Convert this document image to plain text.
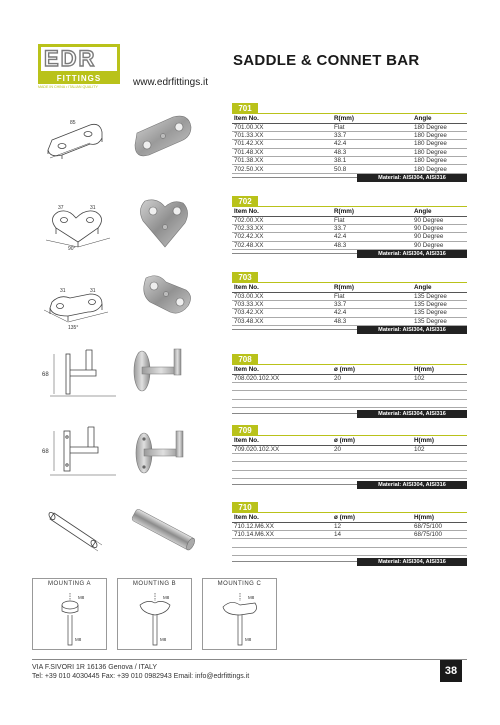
EDR
FITTINGS
MADE IN CHINA • ITALIAN QUALITY	www.edrfittings.it
SADDLE & CONNET BAR
85
37	31
90°
31	31
135°
68
68
701
Item No.	R(mm)	Angle
701.00.XX	Flat	180 Degree
701.33.XX	33.7	180 Degree
701.42.XX	42.4	180 Degree
701.48.XX	48.3	180 Degree
701.38.XX	38.1	180 Degree
702.50.XX	50.8	180 Degree
Material: AISI304, AISI316
702
Item No.	R(mm)	Angle
702.00.XX	Flat	90 Degree
702.33.XX	33.7	90 Degree
702.42.XX	42.4	90 Degree
702.48.XX	48.3	90 Degree
Material: AISI304, AISI316
703
Item No.	R(mm)	Angle
703.00.XX	Flat	135 Degree
703.33.XX	33.7	135 Degree
703.42.XX	42.4	135 Degree
703.48.XX	48.3	135 Degree
Material: AISI304, AISI316
708
Item No.	ø (mm)	H(mm)
708.020.102.XX	20	102

Material: AISI304, AISI316
709
Item No.	ø (mm)	H(mm)
709.020.102.XX	20	102

Material: AISI304, AISI316
710
Item No.	ø (mm)	H(mm)
710.12.M6.XX	12	68/75/100
710.14.M6.XX	14	68/75/100

Material: AISI304, AISI316
MOUNTING A
M8
M8
MOUNTING B
M8
M8
MOUNTING C
M8
M8
VIA F.SIVORI 1R 16136 Genova / ITALY
Tel: +39 010 4030445 Fax: +39 010 0982943 Email: info@edrfittings.it	38
